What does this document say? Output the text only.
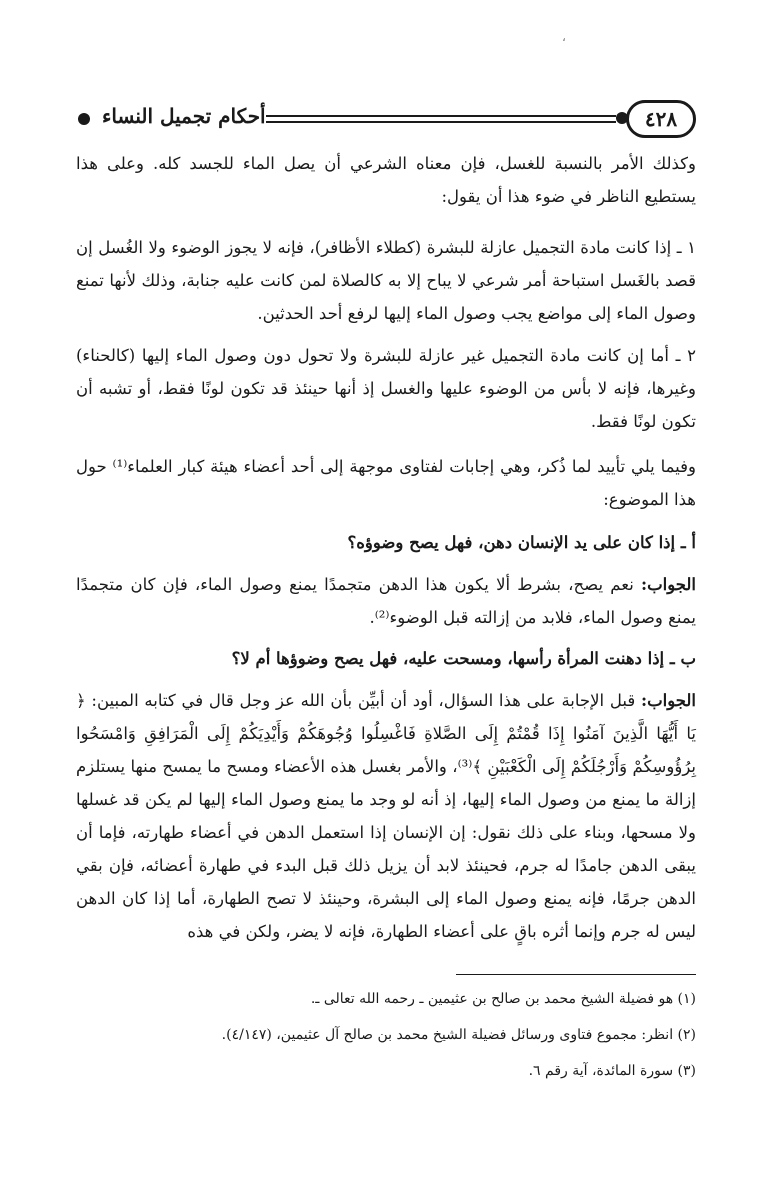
،
٤٢٨
أحكام تجميل النساء

وكذلك الأمر بالنسبة للغسل، فإن معناه الشرعي أن يصل الماء للجسد كله. وعلى هذا يستطيع الناظر في ضوء هذا أن يقول:

١ ـ إذا كانت مادة التجميل عازلة للبشرة (كطلاء الأظافر)، فإنه لا يجوز الوضوء ولا الغُسل إن قصد بالغَسل استباحة أمر شرعي لا يباح إلا به كالصلاة لمن كانت عليه جنابة، وذلك لأنها تمنع وصول الماء إلى مواضع يجب وصول الماء إليها لرفع أحد الحدثين.

٢ ـ أما إن كانت مادة التجميل غير عازلة للبشرة ولا تحول دون وصول الماء إليها (كالحناء) وغيرها، فإنه لا بأس من الوضوء عليها والغسل إذ أنها حينئذ قد تكون لونًا فقط، أو تشبه أن تكون لونًا فقط.

وفيما يلي تأييد لما ذُكر، وهي إجابات لفتاوى موجهة إلى أحد أعضاء هيئة كبار العلماء⁽¹⁾ حول هذا الموضوع:

أ ـ إذا كان على يد الإنسان دهن، فهل يصح وضوؤه؟

الجواب: نعم يصح، بشرط ألا يكون هذا الدهن متجمدًا يمنع وصول الماء، فإن كان متجمدًا يمنع وصول الماء، فلابد من إزالته قبل الوضوء⁽²⁾.

ب ـ إذا دهنت المرأة رأسها، ومسحت عليه، فهل يصح وضوؤها أم لا؟

الجواب: قبل الإجابة على هذا السؤال، أود أن أبيِّن بأن الله عز وجل قال في كتابه المبين: ﴿ يَا أَيُّهَا الَّذِينَ آمَنُوا إِذَا قُمْتُمْ إِلَى الصَّلاةِ فَاغْسِلُوا وُجُوهَكُمْ وَأَيْدِيَكُمْ إِلَى الْمَرَافِقِ وَامْسَحُوا بِرُؤُوسِكُمْ وَأَرْجُلَكُمْ إِلَى الْكَعْبَيْنِ ﴾⁽³⁾، والأمر بغسل هذه الأعضاء ومسح ما يمسح منها يستلزم إزالة ما يمنع من وصول الماء إليها، إذ أنه لو وجد ما يمنع وصول الماء إليها لم يكن قد غسلها ولا مسحها، وبناء على ذلك نقول: إن الإنسان إذا استعمل الدهن في أعضاء طهارته، فإما أن يبقى الدهن جامدًا له جرم، فحينئذ لابد أن يزيل ذلك قبل البدء في طهارة أعضائه، فإن بقي الدهن جرمًا، فإنه يمنع وصول الماء إلى البشرة، وحينئذ لا تصح الطهارة، أما إذا كان الدهن ليس له جرم وإنما أثره باقٍ على أعضاء الطهارة، فإنه لا يضر، ولكن في هذه

(١) هو فضيلة الشيخ محمد بن صالح بن عثيمين ـ رحمه الله تعالى ـ.
(٢) انظر: مجموع فتاوى ورسائل فضيلة الشيخ محمد بن صالح آل عثيمين، (٤/١٤٧).
(٣) سورة المائدة، آية رقم ٦.
